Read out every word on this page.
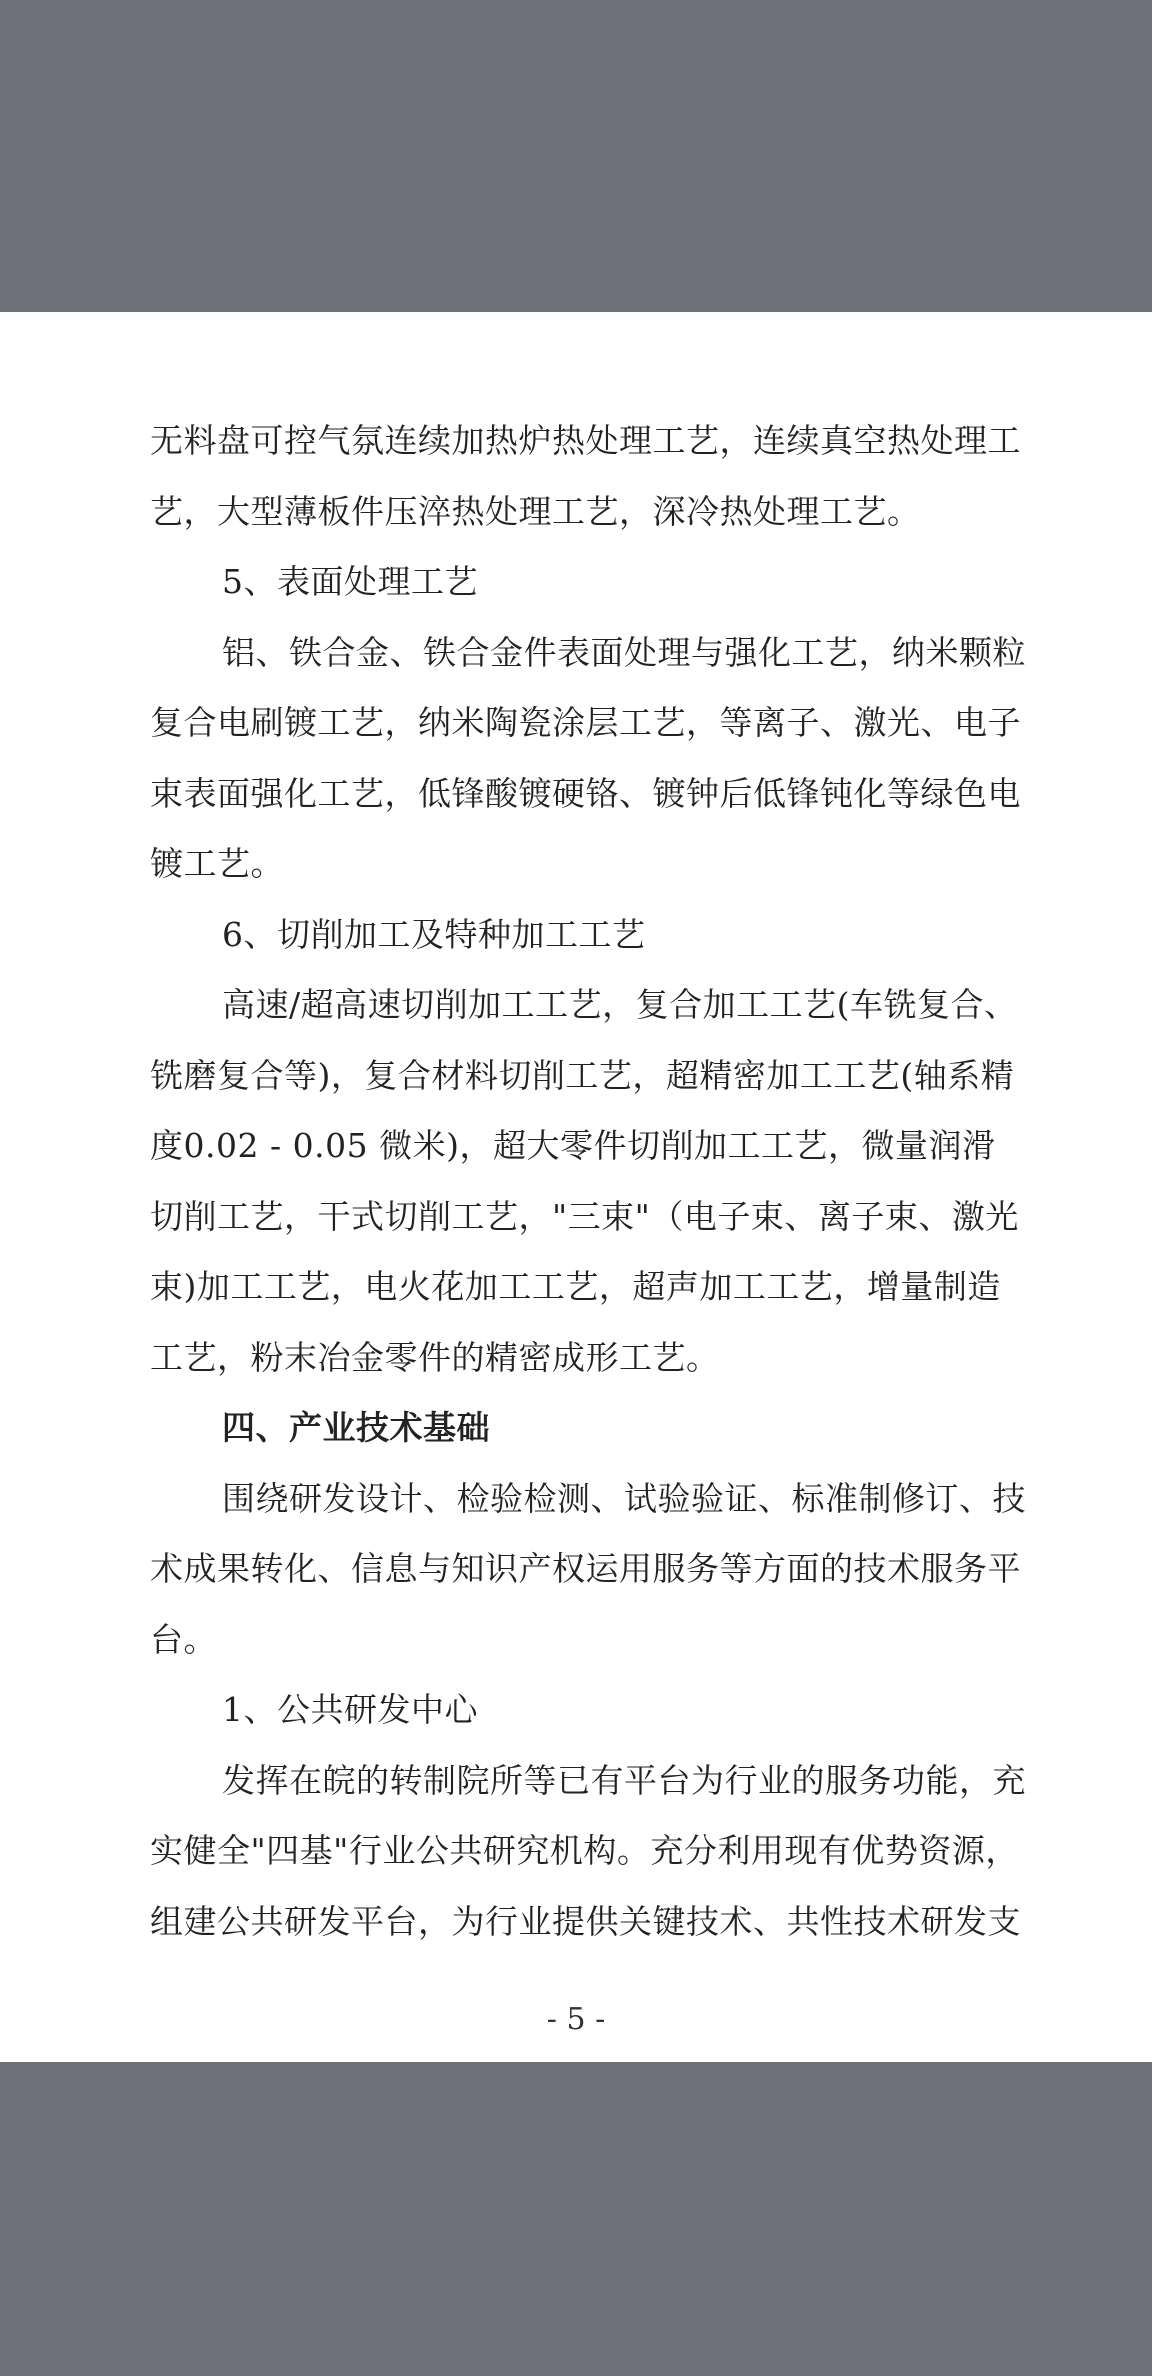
无料盘可控气氛连续加热炉热处理工艺，连续真空热处理工
艺，大型薄板件压淬热处理工艺，深冷热处理工艺。
5、表面处理工艺
铝、铁合金、铁合金件表面处理与强化工艺，纳米颗粒
复合电刷镀工艺，纳米陶瓷涂层工艺，等离子、激光、电子
束表面强化工艺，低锋酸镀硬铬、镀钟后低锋钝化等绿色电
镀工艺。
6、切削加工及特种加工工艺
高速/超高速切削加工工艺，复合加工工艺(车铣复合、
铣磨复合等)，复合材料切削工艺，超精密加工工艺(轴系精
度0.02 - 0.05 微米)，超大零件切削加工工艺，微量润滑
切削工艺，干式切削工艺，"三束"（电子束、离子束、激光
束)加工工艺，电火花加工工艺，超声加工工艺，增量制造
工艺，粉末冶金零件的精密成形工艺。
四、产业技术基础
围绕研发设计、检验检测、试验验证、标准制修订、技
术成果转化、信息与知识产权运用服务等方面的技术服务平
台。
1、公共研发中心
发挥在皖的转制院所等已有平台为行业的服务功能，充
实健全"四基"行业公共研究机构。充分利用现有优势资源，
组建公共研发平台，为行业提供关键技术、共性技术研发支
- 5 -
